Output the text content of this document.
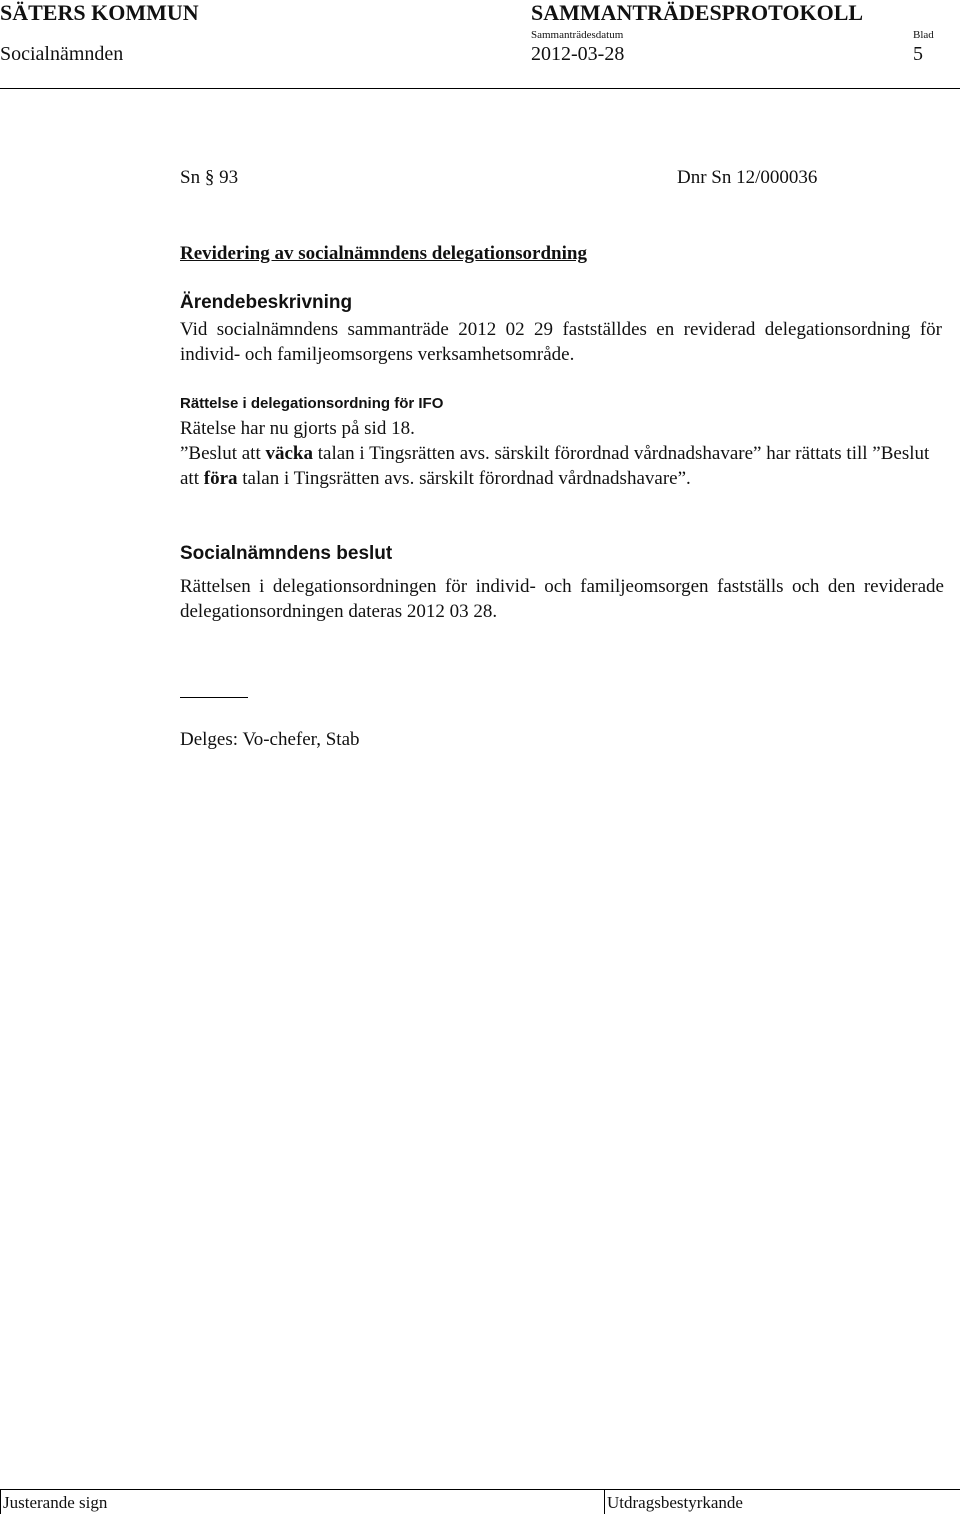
SÄTERS KOMMUN	SAMMANTRÄDESPROTOKOLL
Sammanträdesdatum	Blad
Socialnämnden	2012-03-28	5
Sn § 93	Dnr Sn 12/000036
Revidering av socialnämndens delegationsordning
Ärendebeskrivning

Vid socialnämndens sammanträde 2012 02 29 fastställdes en reviderad delegationsordning för individ- och familjeomsorgens verksamhetsområde.

Rättelse i delegationsordning för IFO

Rätelse har nu gjorts på sid 18.

”Beslut att väcka talan i Tingsrätten avs. särskilt förordnad vårdnadshavare” har rättats till ”Beslut att föra talan i Tingsrätten avs. särskilt förordnad vårdnadshavare”.

Socialnämndens beslut

Rättelsen i delegationsordningen för individ- och familjeomsorgen fastställs och den reviderade delegationsordningen dateras 2012 03 28.

Delges: Vo-chefer, Stab
Justerande sign	Utdragsbestyrkande
